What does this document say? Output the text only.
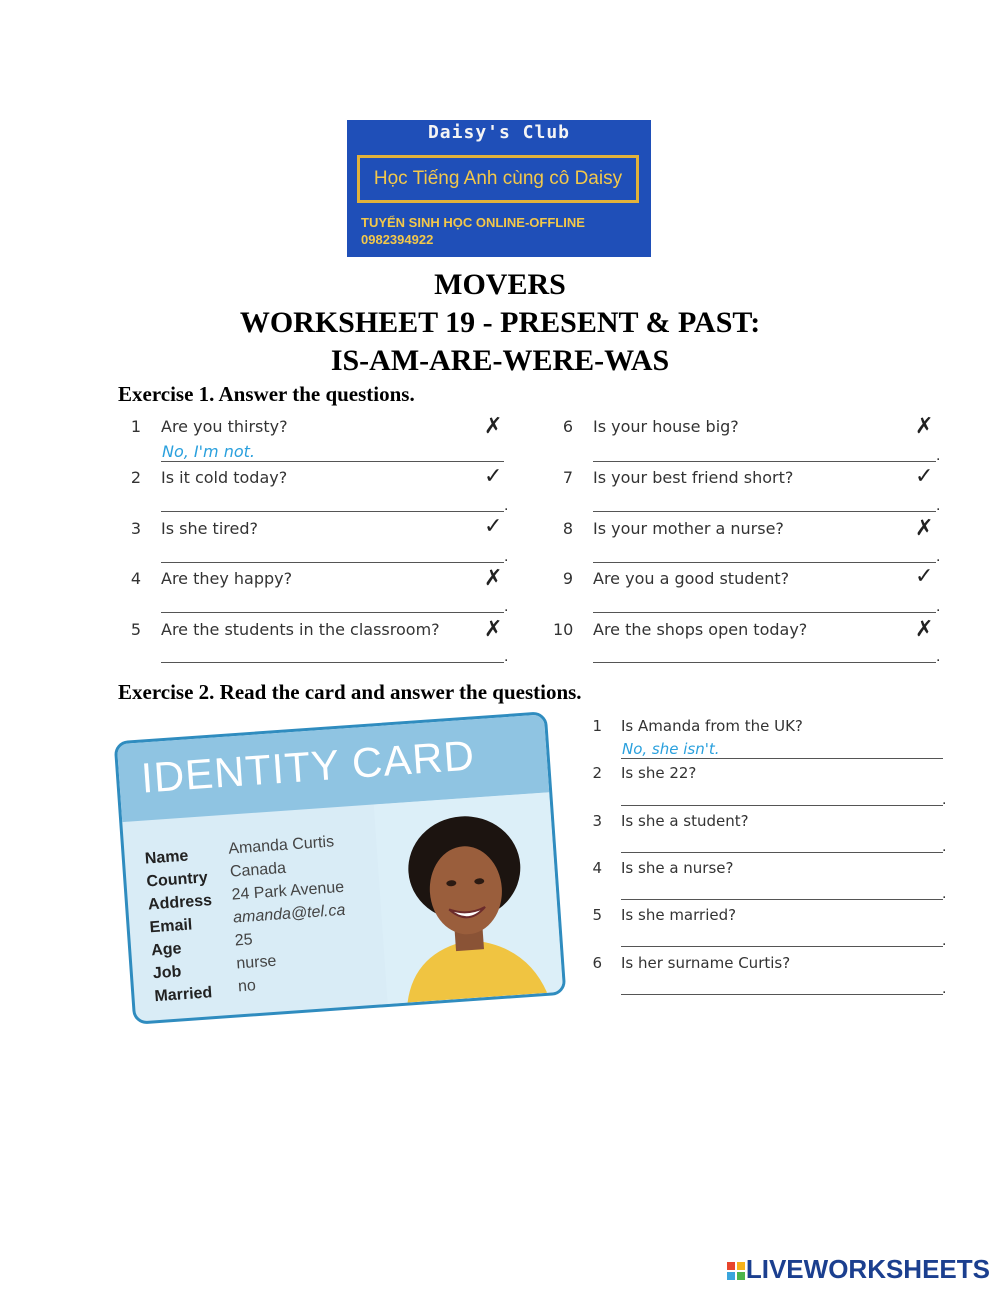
Daisy's Club
Học Tiếng Anh cùng cô Daisy
TUYỂN SINH HỌC ONLINE-OFFLINE
0982394922
MOVERS
WORKSHEET 19 - PRESENT & PAST:
IS-AM-ARE-WERE-WAS
Exercise 1. Answer the questions.
1 Are you thirsty?	✗
No, I'm not.
2 Is it cold today?	✓
.
3 Is she tired?	✓
.
4 Are they happy?	✗
.
5 Are the students in the classroom? ✗
.
6 Is your house big?	✗
.
7 Is your best friend short?	✓
.
8 Is your mother a nurse?	✗
.
9 Are you a good student?	✓
.
10 Are the shops open today?	✗
.
Exercise 2. Read the card and answer the questions.
IDENTITY CARD
Name Amanda Curtis
Country Canada
Address 24 Park Avenue
Email amanda@tel.ca
Age	25
Job
nurse
Married no
1 Is Amanda from the UK?
No, she isn't.
2 Is she 22?
.
3 Is she a student?
.
4 Is she a nurse?
.
5 Is she married?
.
6 Is her surname Curtis?
.
LIVEWORKSHEETS
